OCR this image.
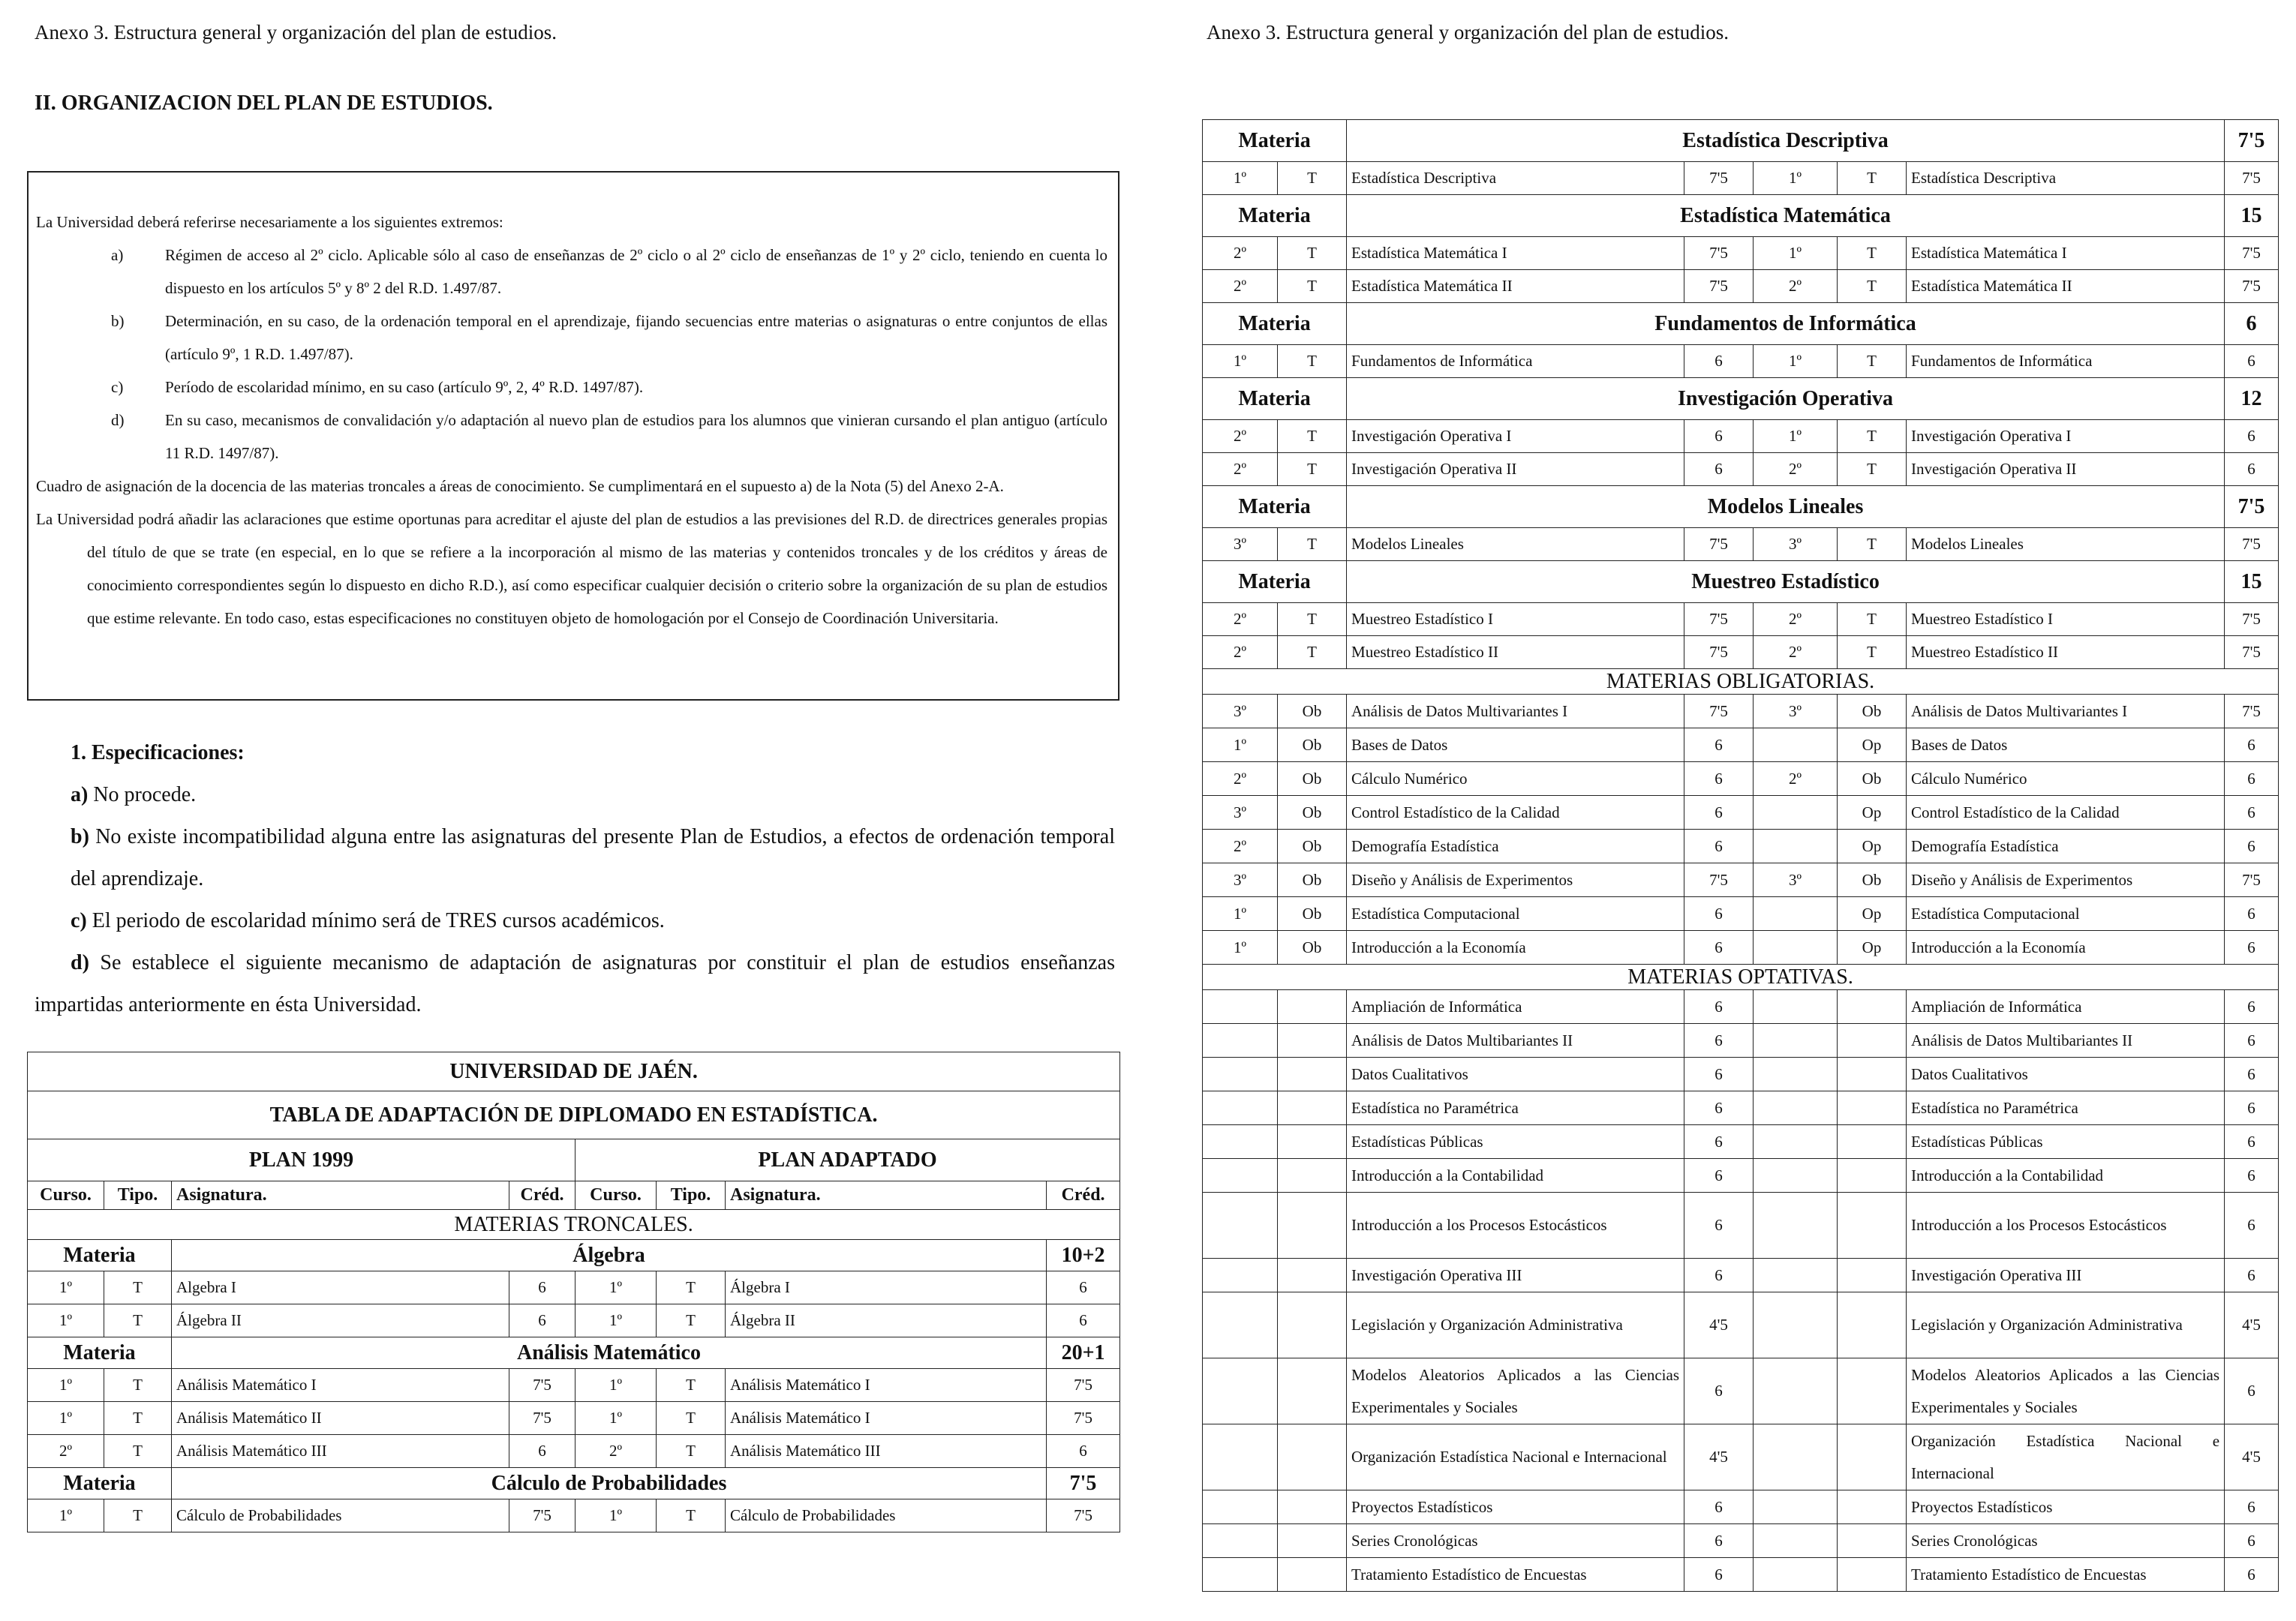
Anexo 3. Estructura general y organización del plan de estudios.
II. ORGANIZACION DEL PLAN DE ESTUDIOS.

La Universidad deberá referirse necesariamente a los siguientes extremos:

a)	Régimen de acceso al 2º ciclo. Aplicable sólo al caso de enseñanzas de 2º ciclo o al 2º ciclo de enseñanzas de 1º y 2º ciclo, teniendo en cuenta lo dispuesto en los artículos 5º y 8º 2 del R.D. 1.497/87.
b)	Determinación, en su caso, de la ordenación temporal en el aprendizaje, fijando secuencias entre materias o asignaturas o entre conjuntos de ellas (artículo 9º, 1 R.D. 1.497/87).
c)	Período de escolaridad mínimo, en su caso (artículo 9º, 2, 4º R.D. 1497/87).
d)	En su caso, mecanismos de convalidación y/o adaptación al nuevo plan de estudios para los alumnos que vinieran cursando el plan antiguo (artículo 11 R.D. 1497/87).

Cuadro de asignación de la docencia de las materias troncales a áreas de conocimiento. Se cumplimentará en el supuesto a) de la Nota (5) del Anexo 2-A.

La Universidad podrá añadir las aclaraciones que estime oportunas para acreditar el ajuste del plan de estudios a las previsiones del R.D. de directrices generales propias del título de que se trate (en especial, en lo que se refiere a la incorporación al mismo de las materias y contenidos troncales y de los créditos y áreas de conocimiento correspondientes según lo dispuesto en dicho R.D.), así como especificar cualquier decisión o criterio sobre la organización de su plan de estudios que estime relevante. En todo caso, estas especificaciones no constituyen objeto de homologación por el Consejo de Coordinación Universitaria.

1. Especificaciones:

a) No procede.

b) No existe incompatibilidad alguna entre las asignaturas del presente Plan de Estudios, a efectos de ordenación temporal del aprendizaje.

c) El periodo de escolaridad mínimo será de TRES cursos académicos.

d) Se establece el siguiente mecanismo de adaptación de asignaturas por constituir el plan de estudios enseñanzas impartidas anteriormente en ésta Universidad.

UNIVERSIDAD DE JAÉN.							
TABLA DE ADAPTACIÓN DE DIPLOMADO EN ESTADÍSTICA.							
PLAN 1999				PLAN ADAPTADO			
Curso.	Tipo.	Asignatura.	Créd.	Curso.	Tipo.	Asignatura.	Créd.
MATERIAS TRONCALES.							
Materia		Álgebra					10+2
1º	T	Algebra I	6	1º	T	Álgebra I	6
1º	T	Álgebra II	6	1º	T	Álgebra II	6
Materia		Análisis Matemático					20+1
1º	T	Análisis Matemático I	7'5	1º	T	Análisis Matemático I	7'5
1º	T	Análisis Matemático II	7'5	1º	T	Análisis Matemático I	7'5
2º	T	Análisis Matemático III	6	2º	T	Análisis Matemático III	6
Materia		Cálculo de Probabilidades					7'5
1º	T	Cálculo de Probabilidades	7'5	1º	T	Cálculo de Probabilidades	7'5
Anexo 3. Estructura general y organización del plan de estudios.
Materia		Estadística Descriptiva					7'5
1º	T	Estadística Descriptiva	7'5	1º	T	Estadística Descriptiva	7'5
Materia		Estadística Matemática					15
2º	T	Estadística Matemática I	7'5	1º	T	Estadística Matemática I	7'5
2º	T	Estadística Matemática II	7'5	2º	T	Estadística Matemática II	7'5
Materia		Fundamentos de Informática					6
1º	T	Fundamentos de Informática	6	1º	T	Fundamentos de Informática	6
Materia		Investigación Operativa					12
2º	T	Investigación Operativa I	6	1º	T	Investigación Operativa I	6
2º	T	Investigación Operativa II	6	2º	T	Investigación Operativa II	6
Materia		Modelos Lineales					7'5
3º	T	Modelos Lineales	7'5	3º	T	Modelos Lineales	7'5
Materia		Muestreo Estadístico					15
2º	T	Muestreo Estadístico I	7'5	2º	T	Muestreo Estadístico I	7'5
2º	T	Muestreo Estadístico II	7'5	2º	T	Muestreo Estadístico II	7'5
MATERIAS OBLIGATORIAS.							
3º	Ob	Análisis de Datos Multivariantes I	7'5	3º	Ob	Análisis de Datos Multivariantes I	7'5
1º	Ob	Bases de Datos	6		Op	Bases de Datos	6
2º	Ob	Cálculo Numérico	6	2º	Ob	Cálculo Numérico	6
3º	Ob	Control Estadístico de la Calidad	6		Op	Control Estadístico de la Calidad	6
2º	Ob	Demografía Estadística	6		Op	Demografía Estadística	6
3º	Ob	Diseño y Análisis de Experimentos	7'5	3º	Ob	Diseño y Análisis de Experimentos	7'5
1º	Ob	Estadística Computacional	6		Op	Estadística Computacional	6
1º	Ob	Introducción a la Economía	6		Op	Introducción a la Economía	6
MATERIAS OPTATIVAS.							
		Ampliación de Informática	6			Ampliación de Informática	6
		Análisis de Datos Multibariantes II	6			Análisis de Datos Multibariantes II	6
		Datos Cualitativos	6			Datos Cualitativos	6
		Estadística no Paramétrica	6			Estadística no Paramétrica	6
		Estadísticas Públicas	6			Estadísticas Públicas	6
		Introducción a la Contabilidad	6			Introducción a la Contabilidad	6
		Introducción a los Procesos Estocásticos	6			Introducción a los Procesos Estocásticos	6
		Investigación Operativa III	6			Investigación Operativa III	6
		Legislación y Organización Administrativa	4'5			Legislación y Organización Administrativa	4'5
		Modelos Aleatorios Aplicados a las Ciencias Experimentales y Sociales	6			Modelos Aleatorios Aplicados a las Ciencias Experimentales y Sociales	6
		Organización Estadística Nacional e Internacional	4'5			Organización Estadística Nacional e Internacional	4'5
		Proyectos Estadísticos	6			Proyectos Estadísticos	6
		Series Cronológicas	6			Series Cronológicas	6
		Tratamiento Estadístico de Encuestas	6			Tratamiento Estadístico de Encuestas	6
